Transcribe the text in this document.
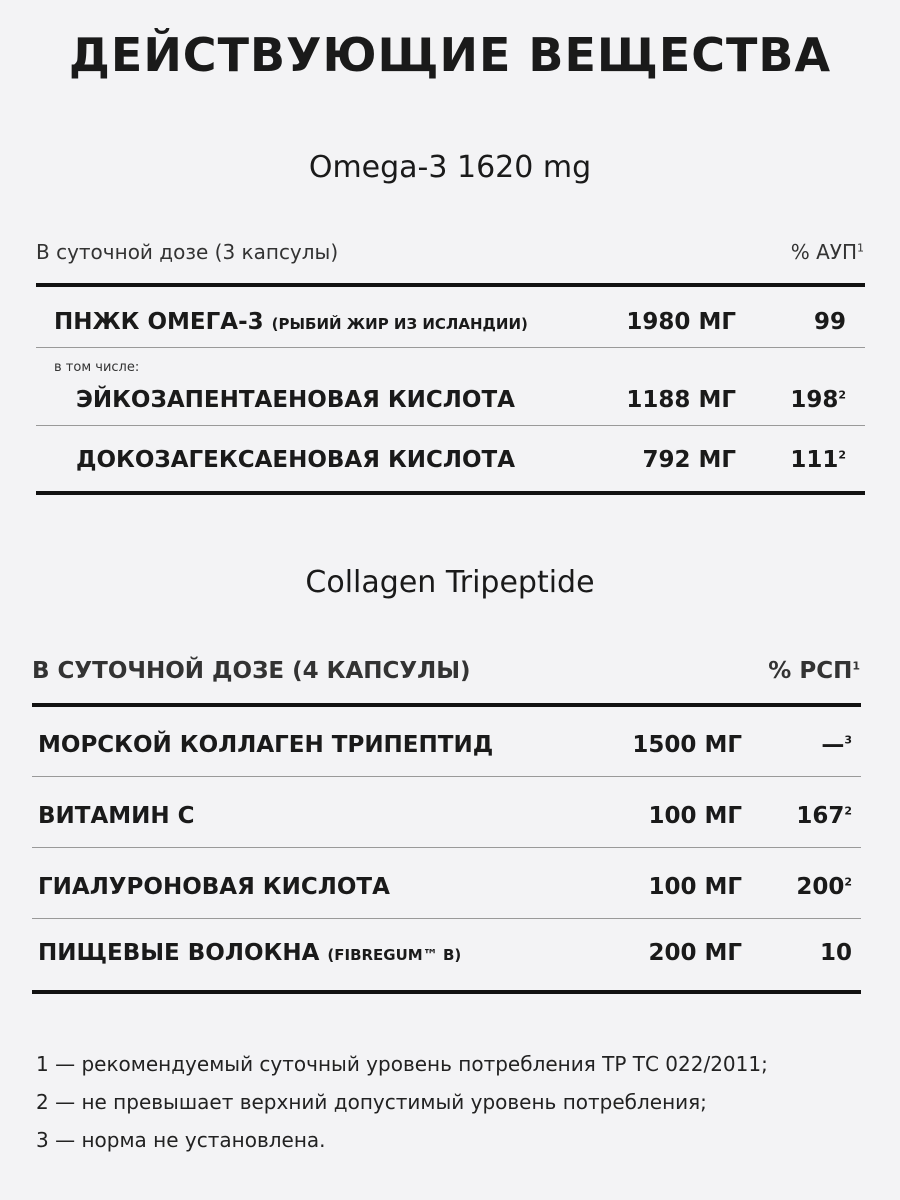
ДЕЙСТВУЮЩИЕ ВЕЩЕСТВА
Omega-3 1620 mg
В суточной дозе (3 капсулы)	% АУП$^1$
ПНЖК ОМЕГА-3 (РЫБИЙ ЖИР ИЗ ИСЛАНДИИ)	1980 МГ	99
в том числе:
ЭЙКОЗАПЕНТАЕНОВАЯ КИСЛОТА	1188 МГ	$198^2$
ДОКОЗАГЕКСАЕНОВАЯ КИСЛОТА	792 МГ	$111^2$
Collagen Tripeptide
В СУТОЧНОЙ ДОЗЕ (4 КАПСУЛЫ)	% РСП$^1$
МОРСКОЙ КОЛЛАГЕН ТРИПЕПТИД	1500 МГ	—$^3$
ВИТАМИН С	100 МГ	$167^2$
ГИАЛУРОНОВАЯ КИСЛОТА	100 МГ	$200^2$
ПИЩЕВЫЕ ВОЛОКНА (FIBREGUM™ B)	200 МГ	10
1 — рекомендуемый суточный уровень потребления ТР ТС 022/2011;
2 — не превышает верхний допустимый уровень потребления;
3 — норма не установлена.
